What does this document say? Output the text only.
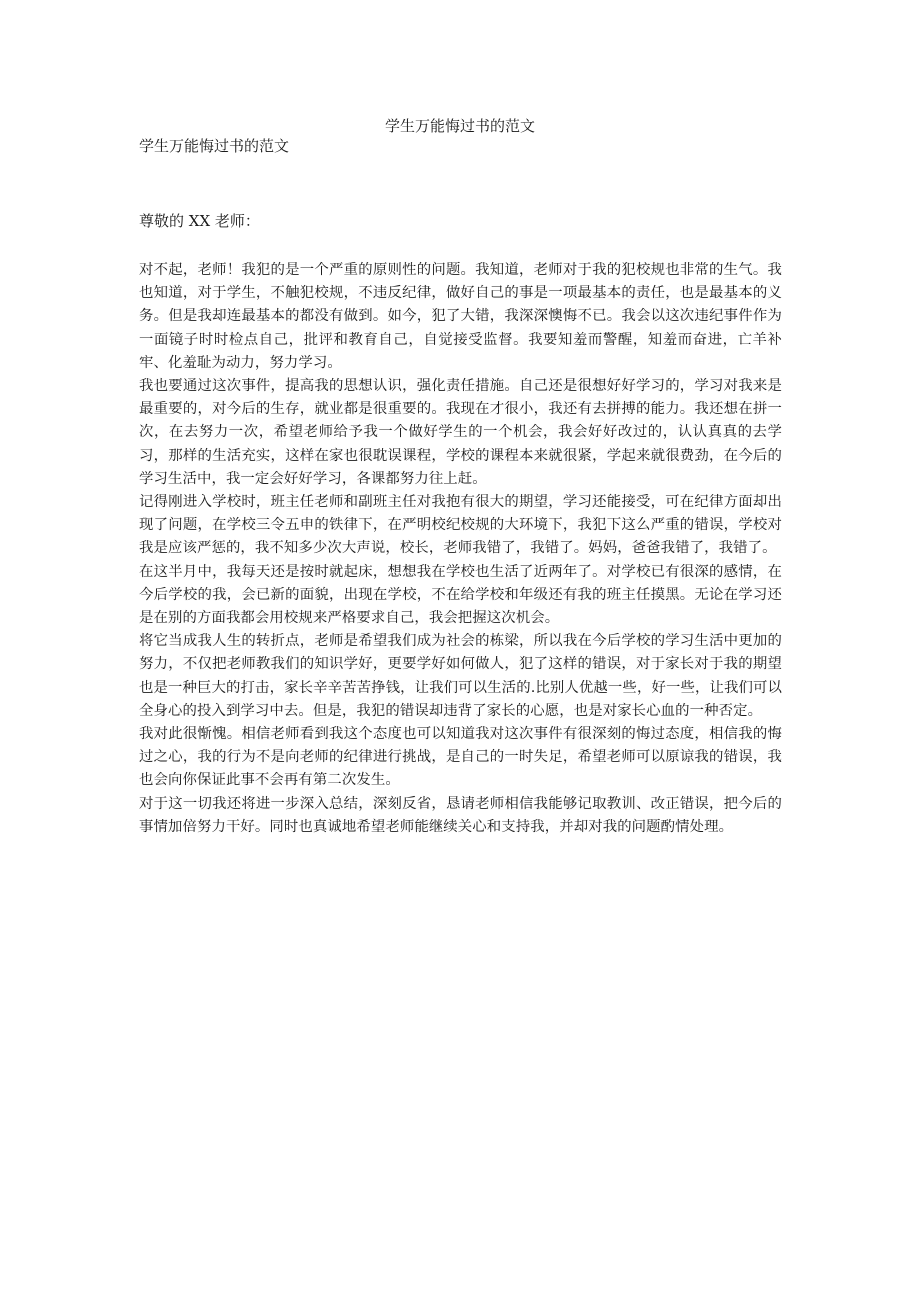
学生万能悔过书的范文

学生万能悔过书的范文

尊敬的 XX 老师：

对不起，老师！我犯的是一个严重的原则性的问题。我知道，老师对于我的犯校规也非常的生气。我也知道，对于学生，不触犯校规，不违反纪律，做好自己的事是一项最基本的责任，也是最基本的义务。但是我却连最基本的都没有做到。如今，犯了大错，我深深懊悔不已。我会以这次违纪事件作为一面镜子时时检点自己，批评和教育自己，自觉接受监督。我要知羞而警醒，知羞而奋进，亡羊补牢、化羞耻为动力，努力学习。

我也要通过这次事件，提高我的思想认识，强化责任措施。自己还是很想好好学习的，学习对我来是最重要的，对今后的生存，就业都是很重要的。我现在才很小，我还有去拼搏的能力。我还想在拼一次，在去努力一次，希望老师给予我一个做好学生的一个机会，我会好好改过的，认认真真的去学习，那样的生活充实，这样在家也很耽误课程，学校的课程本来就很紧，学起来就很费劲，在今后的学习生活中，我一定会好好学习，各课都努力往上赶。

记得刚进入学校时，班主任老师和副班主任对我抱有很大的期望，学习还能接受，可在纪律方面却出现了问题，在学校三令五申的铁律下，在严明校纪校规的大环境下，我犯下这么严重的错误，学校对我是应该严惩的，我不知多少次大声说，校长，老师我错了，我错了。妈妈，爸爸我错了，我错了。

在这半月中，我每天还是按时就起床，想想我在学校也生活了近两年了。对学校已有很深的感情，在今后学校的我，会已新的面貌，出现在学校，不在给学校和年级还有我的班主任摸黑。无论在学习还是在别的方面我都会用校规来严格要求自己，我会把握这次机会。

将它当成我人生的转折点，老师是希望我们成为社会的栋梁，所以我在今后学校的学习生活中更加的努力，不仅把老师教我们的知识学好，更要学好如何做人，犯了这样的错误，对于家长对于我的期望也是一种巨大的打击，家长辛辛苦苦挣钱，让我们可以生活的.比别人优越一些，好一些，让我们可以全身心的投入到学习中去。但是，我犯的错误却违背了家长的心愿，也是对家长心血的一种否定。

我对此很惭愧。相信老师看到我这个态度也可以知道我对这次事件有很深刻的悔过态度，相信我的悔过之心，我的行为不是向老师的纪律进行挑战，是自己的一时失足，希望老师可以原谅我的错误，我也会向你保证此事不会再有第二次发生。

对于这一切我还将进一步深入总结，深刻反省，恳请老师相信我能够记取教训、改正错误，把今后的事情加倍努力干好。同时也真诚地希望老师能继续关心和支持我，并却对我的问题酌情处理。
